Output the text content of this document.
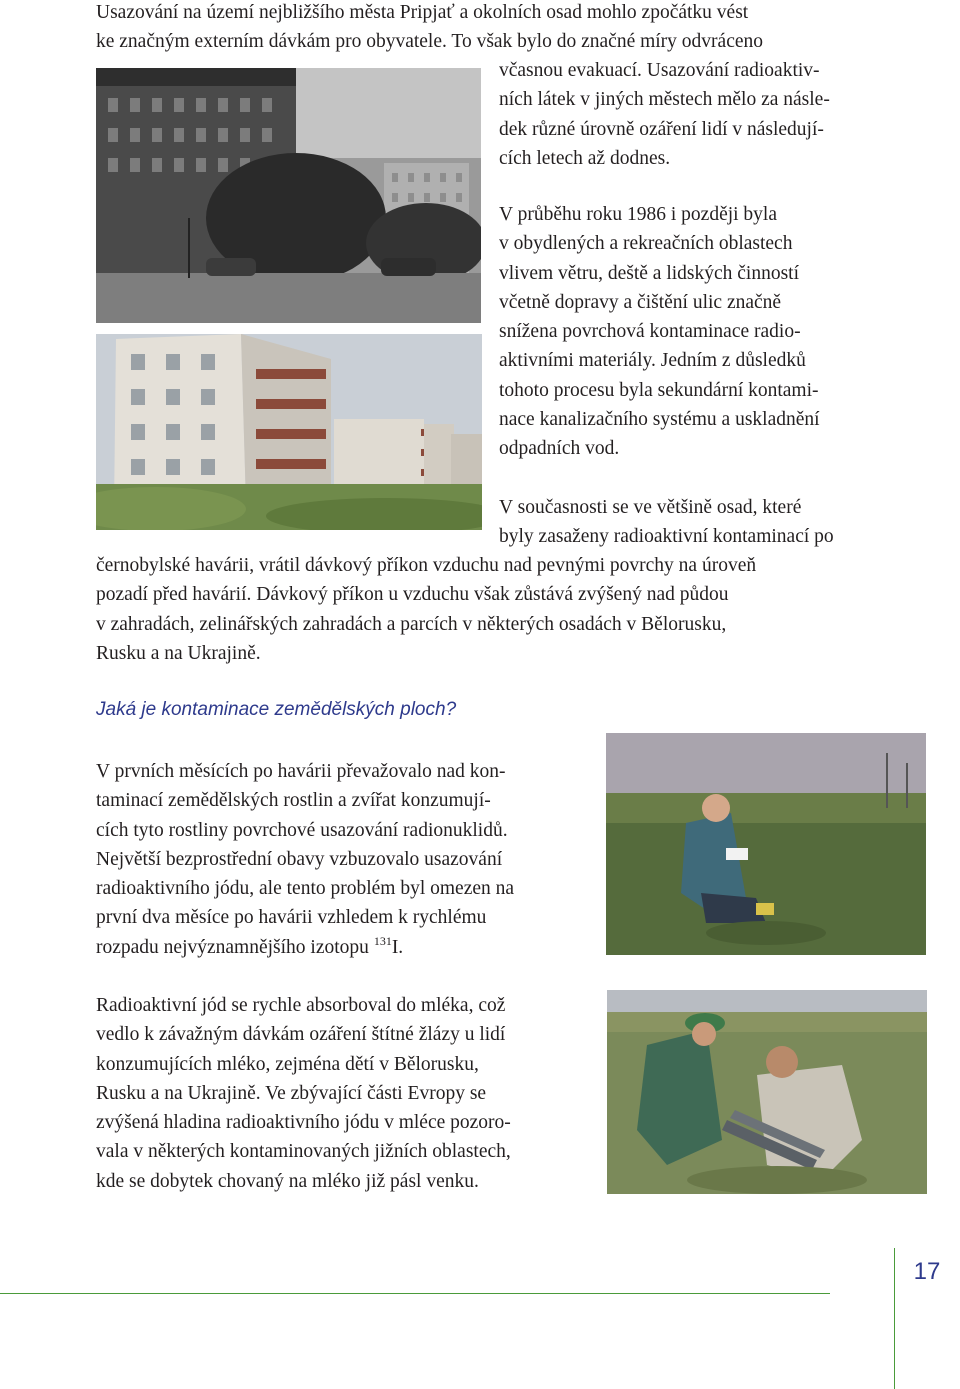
Usazování na území nejbližšího města Pripjať a okolních osad mohlo zpočátku vést
ke značným externím dávkám pro obyvatele. To však bylo do značné míry odvráceno
včasnou evakuací. Usazování radioaktiv-
ních látek v jiných městech mělo za násle-
dek různé úrovně ozáření lidí v následují-
cích letech až dodnes.
V průběhu roku 1986 i později byla
v obydlených a rekreačních oblastech
vlivem větru, deště a lidských činností
včetně dopravy a čištění ulic značně
snížena povrchová kontaminace radio-
aktivními materiály. Jedním z důsledků
tohoto procesu byla sekundární kontami-
nace kanalizačního systému a uskladnění
odpadních vod.
V současnosti se ve většině osad, které
byly zasaženy radioaktivní kontaminací po
černobylské havárii, vrátil dávkový příkon vzduchu nad pevnými povrchy na úroveň
pozadí před havárií. Dávkový příkon u vzduchu však zůstává zvýšený nad půdou
v zahradách, zelinářských zahradách a parcích v některých osadách v Bělorusku,
Rusku a na Ukrajině.
Jaká je kontaminace zemědělských ploch?
V prvních měsících po havárii převažovalo nad kon-
taminací zemědělských rostlin a zvířat konzumují-
cích tyto rostliny povrchové usazování radionuklidů.
Největší bezprostřední obavy vzbuzovalo usazování
radioaktivního jódu, ale tento problém byl omezen na
první dva měsíce po havárii vzhledem k rychlému
rozpadu nejvýznamnějšího izotopu $^{131}$I.
Radioaktivní jód se rychle absorboval do mléka, což
vedlo k závažným dávkám ozáření štítné žlázy u lidí
konzumujících mléko, zejména dětí v Bělorusku,
Rusku a na Ukrajině. Ve zbývající části Evropy se
zvýšená hladina radioaktivního jódu v mléce pozoro-
vala v některých kontaminovaných jižních oblastech,
kde se dobytek chovaný na mléko již pásl venku.
17
